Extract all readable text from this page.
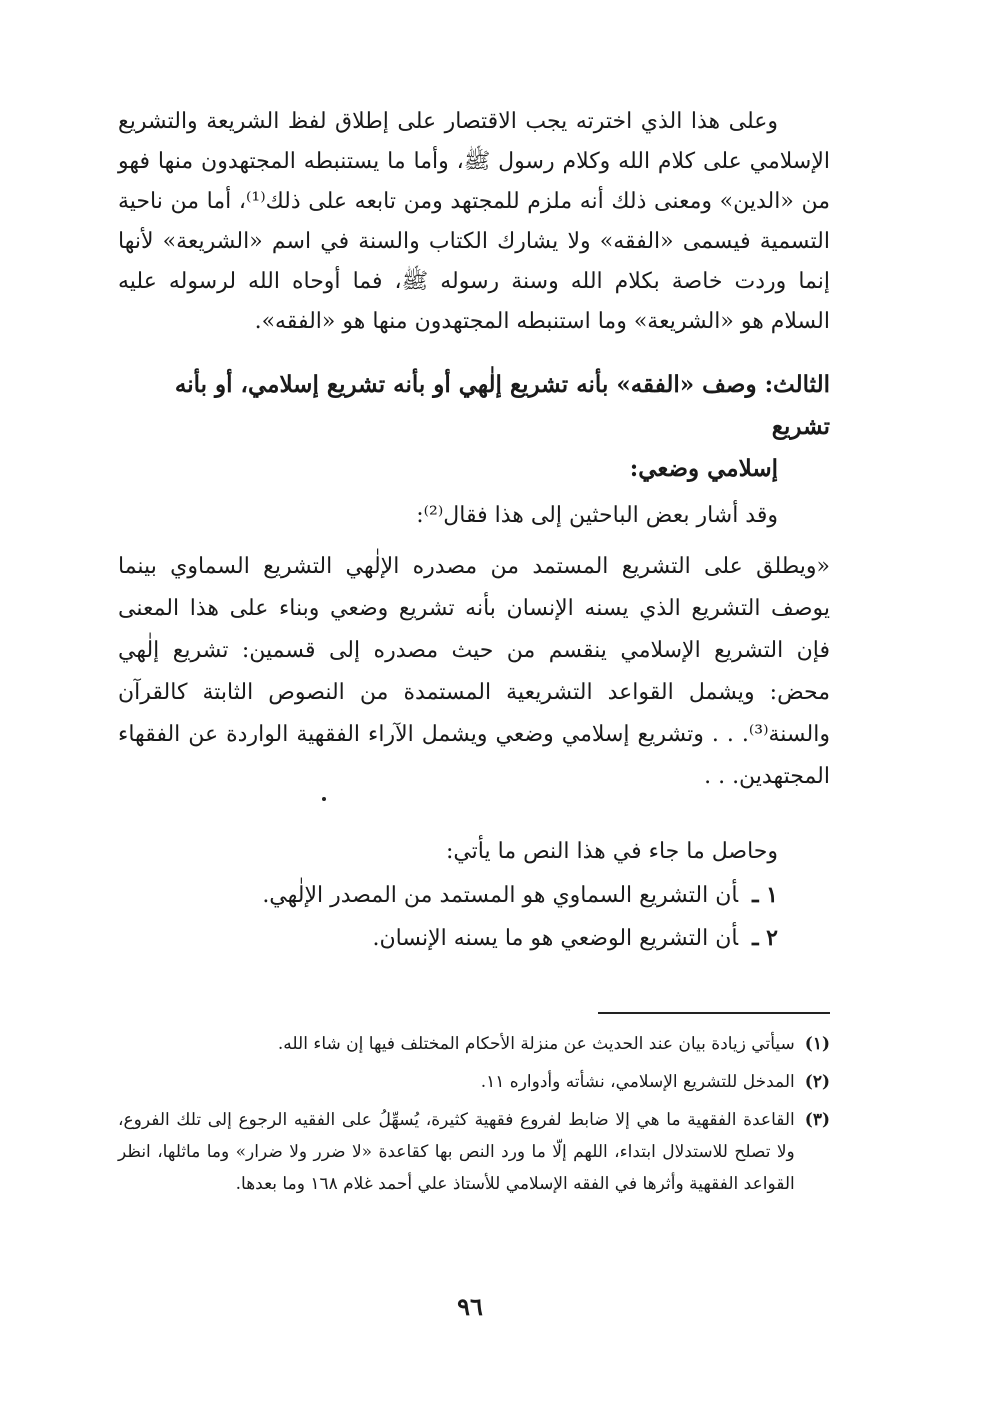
وعلى هذا الذي اخترته يجب الاقتصار على إطلاق لفظ الشريعة والتشريع الإسلامي على كلام الله وكلام رسول ﷺ، وأما ما يستنبطه المجتهدون منها فهو من «الدين» ومعنى ذلك أنه ملزم للمجتهد ومن تابعه على ذلك⁽¹⁾، أما من ناحية التسمية فيسمى «الفقه» ولا يشارك الكتاب والسنة في اسم «الشريعة» لأنها إنما وردت خاصة بكلام الله وسنة رسوله ﷺ، فما أوحاه الله لرسوله عليه السلام هو «الشريعة» وما استنبطه المجتهدون منها هو «الفقه».

الثالث: وصف «الفقه» بأنه تشريع إلٰهي أو بأنه تشريع إسلامي، أو بأنه تشريع
إسلامي وضعي:

وقد أشار بعض الباحثين إلى هذا فقال⁽²⁾:

«ويطلق على التشريع المستمد من مصدره الإلٰهي التشريع السماوي بينما يوصف التشريع الذي يسنه الإنسان بأنه تشريع وضعي وبناء على هذا المعنى فإن التشريع الإسلامي ينقسم من حيث مصدره إلى قسمين: تشريع إلٰهي محض: ويشمل القواعد التشريعية المستمدة من النصوص الثابتة كالقرآن والسنة⁽³⁾. . . وتشريع إسلامي وضعي ويشمل الآراء الفقهية الواردة عن الفقهاء المجتهدين. . .

وحاصل ما جاء في هذا النص ما يأتي:

١ ـأن التشريع السماوي هو المستمد من المصدر الإلٰهي.
٢ ـأن التشريع الوضعي هو ما يسنه الإنسان.
(١)
سيأتي زيادة بيان عند الحديث عن منزلة الأحكام المختلف فيها إن شاء الله.
(٢)
المدخل للتشريع الإسلامي، نشأته وأدواره ١١.
(٣)
القاعدة الفقهية ما هي إلا ضابط لفروع فقهية كثيرة، يُسهِّلُ على الفقيه الرجوع إلى تلك الفروع، ولا تصلح للاستدلال ابتداء، اللهم إلّا ما ورد النص بها كقاعدة «لا ضرر ولا ضرار» وما ماثلها، انظر القواعد الفقهية وأثرها في الفقه الإسلامي للأستاذ علي أحمد غلام ١٦٨ وما بعدها.
٩٦
